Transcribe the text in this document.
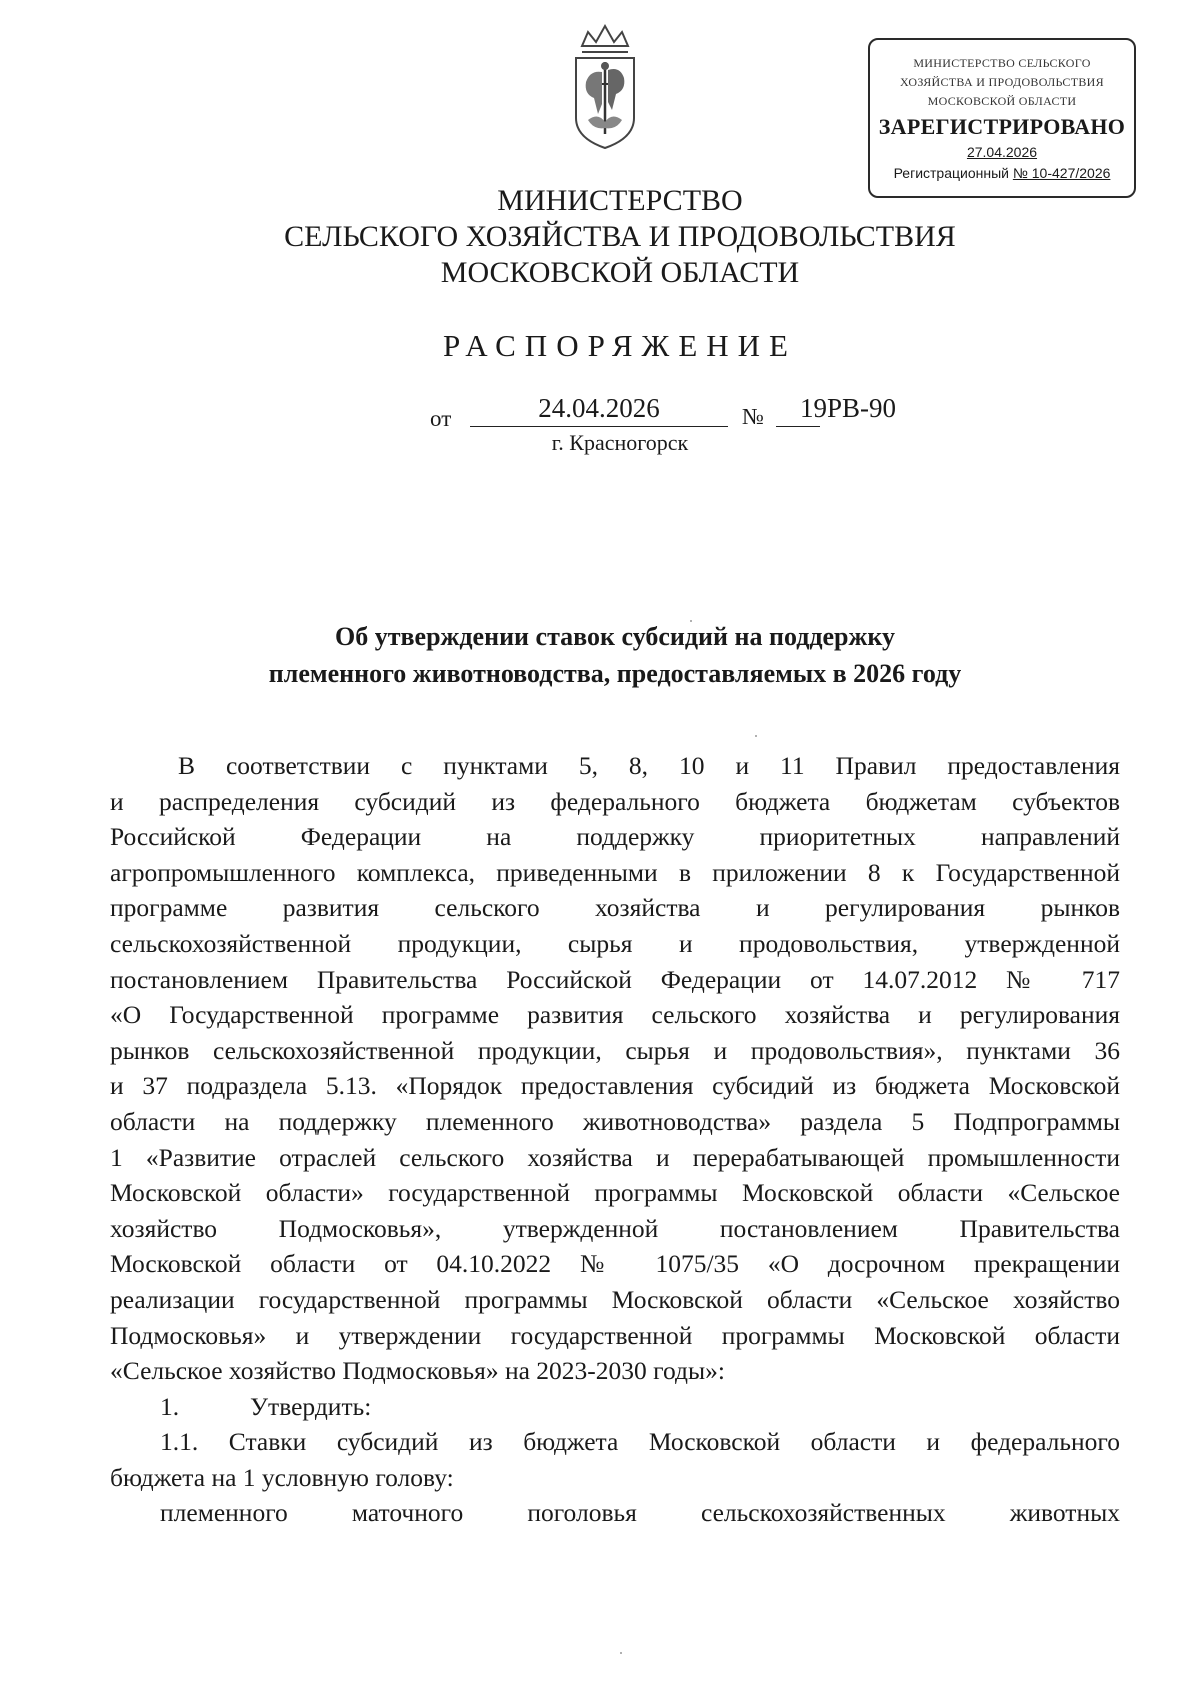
МИНИСТЕРСТВО СЕЛЬСКОГО
ХОЗЯЙСТВА И ПРОДОВОЛЬСТВИЯ
МОСКОВСКОЙ ОБЛАСТИ
ЗАРЕГИСТРИРОВАНО
27.04.2026
Регистрационный № 10-427/2026
МИНИСТЕРСТВО
СЕЛЬСКОГО ХОЗЯЙСТВА И ПРОДОВОЛЬСТВИЯ
МОСКОВСКОЙ ОБЛАСТИ
РАСПОРЯЖЕНИЕ
от	24.04.2026	№ 19РВ-90
г. Красногорск
Об утверждении ставок субсидий на поддержку
племенного животноводства, предоставляемых в 2026 году
В соответствии с пунктами 5, 8, 10 и 11 Правил предоставления
и распределения субсидий из федерального бюджета бюджетам субъектов
Российской Федерации на поддержку приоритетных направлений
агропромышленного комплекса, приведенными в приложении 8 к Государственной
программе развития сельского хозяйства и регулирования рынков
сельскохозяйственной продукции, сырья и продовольствия, утвержденной
постановлением Правительства Российской Федерации от 14.07.2012 № 717
«О Государственной программе развития сельского хозяйства и регулирования
рынков сельскохозяйственной продукции, сырья и продовольствия», пунктами 36
и 37 подраздела 5.13. «Порядок предоставления субсидий из бюджета Московской
области на поддержку племенного животноводства» раздела 5 Подпрограммы
1 «Развитие отраслей сельского хозяйства и перерабатывающей промышленности
Московской области» государственной программы Московской области «Сельское
хозяйство Подмосковья», утвержденной постановлением Правительства
Московской области от 04.10.2022 № 1075/35 «О досрочном прекращении
реализации государственной программы Московской области «Сельское хозяйство
Подмосковья» и утверждении государственной программы Московской области
«Сельское хозяйство Подмосковья» на 2023-2030 годы»:
1.	Утвердить:
1.1. Ставки субсидий из бюджета Московской области и федерального
бюджета на 1 условную голову:
племенного маточного поголовья сельскохозяйственных животных
